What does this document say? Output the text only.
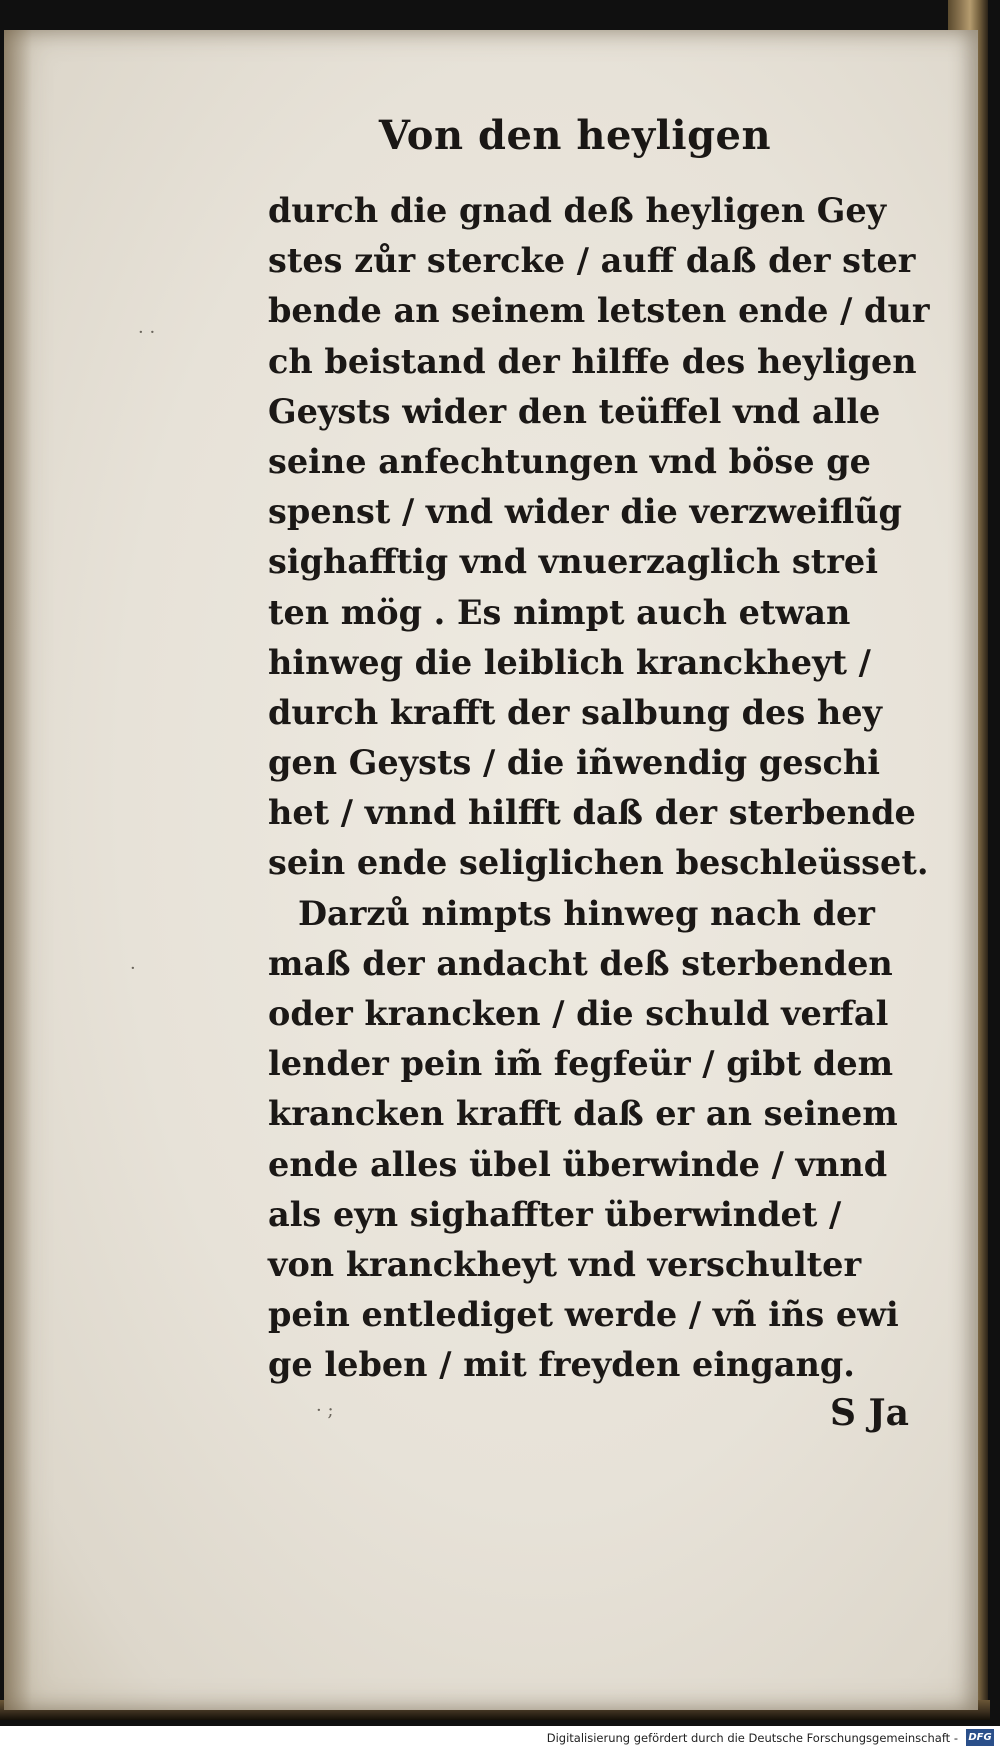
Von den heyligen
durch die gnad deß heyligen Gey
stes zůr stercke / auff daß der ster
bende an seinem letsten ende / dur
ch beistand der hilffe des heyligen
Geysts wider den teüffel vnd alle
seine anfechtungen vnd böse ge
spenst / vnd wider die verzweiflũg
sighafftig vnd vnuerzaglich strei
ten mög . Es nimpt auch etwan
hinweg die leiblich kranckheyt /
durch krafft der salbung des hey
gen Geysts / die iñwendig geschi
het / vnnd hilfft daß der sterbende
sein ende seliglichen beschleüsset.
Darzů nimpts hinweg nach der
maß der andacht deß sterbenden
oder krancken / die schuld verfal
lender pein im̃ fegfeür / gibt dem
krancken krafft daß er an seinem
ende alles übel überwinde / vnnd
als eyn sighaffter überwindet /
von kranckheyt vnd verschulter
pein entlediget werde / vñ iñs ewi
ge leben / mit freyden eingang.
S Ja
· ·
·
· ;
Digitalisierung gefördert durch die Deutsche Forschungsgemeinschaft - DFG
